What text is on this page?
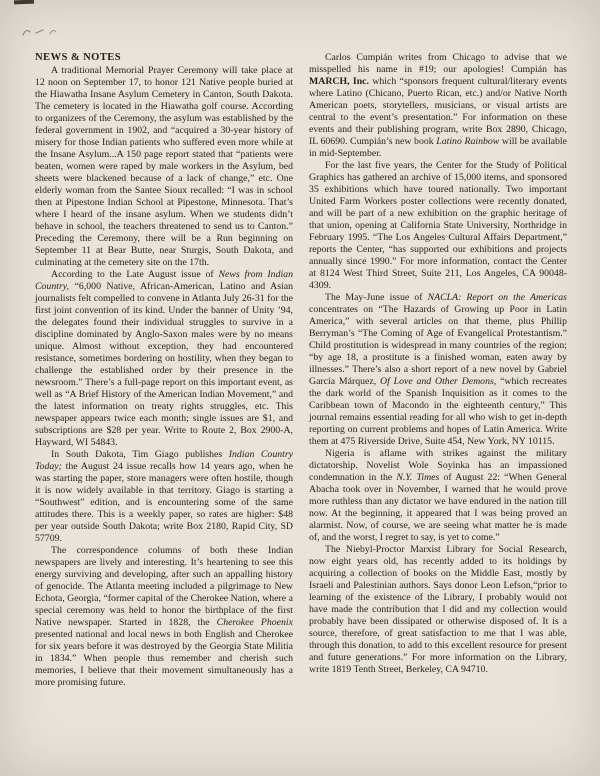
NEWS & NOTES

A traditional Memorial Prayer Ceremony will take place at 12 noon on September 17, to honor 121 Native people buried at the Hiawatha Insane Asylum Cemetery in Canton, South Dakota. The cemetery is located in the Hiawatha golf course. According to organizers of the Ceremony, the asylum was established by the federal government in 1902, and “acquired a 30-year history of misery for those Indian patients who suffered even more while at the Insane Asylum...A 150 page report stated that “patients were beaten, women were raped by male workers in the Asylum, bed sheets were blackened because of a lack of change,” etc. One elderly woman from the Santee Sioux recalled: “I was in school then at Pipestone Indian School at Pipestone, Minnesota. That’s where I heard of the insane asylum. When we students didn’t behave in school, the teachers threatened to send us to Canton.” Preceding the Ceremony, there will be a Run beginning on September 11 at Bear Butte, near Sturgis, South Dakota, and culminating at the cemetery site on the 17th.

According to the Late August issue of News from Indian Country, “6,000 Native, African-American, Latino and Asian journalists felt compelled to convene in Atlanta July 26-31 for the first joint convention of its kind. Under the banner of Unity ’94, the delegates found their individual struggles to survive in a discipline dominated by Anglo-Saxon males were by no means unique. Almost without exception, they had encountered resistance, sometimes bordering on hostility, when they began to challenge the established order by their presence in the newsroom.” There’s a full-page report on this important event, as well as “A Brief History of the American Indian Movement,” and the latest information on treaty rights struggles, etc. This newspaper appears twice each month; single issues are $1, and subscriptions are $28 per year. Write to Route 2, Box 2900-A, Hayward, WI 54843.

In South Dakota, Tim Giago publishes Indian Country Today; the August 24 issue recalls how 14 years ago, when he was starting the paper, store managers were often hostile, though it is now widely available in that territory. Giago is starting a “Southwest” edition, and is encountering some of the same attitudes there. This is a weekly paper, so rates are higher: $48 per year outside South Dakota; write Box 2180, Rapid City, SD 57709.

The correspondence columns of both these Indian newspapers are lively and interesting. It’s heartening to see this energy surviving and developing, after such an appalling history of genocide. The Atlanta meeting included a pilgrimage to New Echota, Georgia, “former capital of the Cherokee Nation, where a special ceremony was held to honor the birthplace of the first Native newspaper. Started in 1828, the Cherokee Phoenix presented national and local news in both English and Cherokee for six years before it was destroyed by the Georgia State Militia in 1834.” When people thus remember and cherish such memories, I believe that their movement simultaneously has a more promising future.

Carlos Cumpián writes from Chicago to advise that we misspelled his name in #19; our apologies! Cumpián has MARCH, Inc. which “sponsors frequent cultural/literary events where Latino (Chicano, Puerto Rican, etc.) and/or Native North American poets, storytellers, musicians, or visual artists are central to the event’s presentation.” For information on these events and their publishing program, write Box 2890, Chicago, IL 60690. Cumpián’s new book Latino Rainbow will be available in mid-September.

For the last five years, the Center for the Study of Political Graphics has gathered an archive of 15,000 items, and sponsored 35 exhibitions which have toured nationally. Two important United Farm Workers poster collections were recently donated, and will be part of a new exhibition on the graphic heritage of that union, opening at California State University, Northridge in February 1995. “The Los Angeles Cultural Affairs Department,” reports the Center, “has supported our exhibitions and projects annually since 1990.” For more information, contact the Center at 8124 West Third Street, Suite 211, Los Angeles, CA 90048-4309.

The May-June issue of NACLA: Report on the Americas concentrates on “The Hazards of Growing up Poor in Latin America,” with several articles on that theme, plus Phillip Berryman’s “The Coming of Age of Evangelical Protestantism.” Child prostitution is widespread in many countries of the region; “by age 18, a prostitute is a finished woman, eaten away by illnesses.” There’s also a short report of a new novel by Gabriel García Márquez, Of Love and Other Demons, “which recreates the dark world of the Spanish Inquisition as it comes to the Caribbean town of Macondo in the eighteenth century,” This journal remains essential reading for all who wish to get in-depth reporting on current problems and hopes of Latin America. Write them at 475 Riverside Drive, Suite 454, New York, NY 10115.

Nigeria is aflame with strikes against the military dictatorship. Novelist Wole Soyinka has an impassioned condemnation in the N.Y. Times of August 22: “When General Abacha took over in November, I warned that he would prove more ruthless than any dictator we have endured in the nation till now. At the beginning, it appeared that I was being proved an alarmist. Now, of course, we are seeing what matter he is made of, and the worst, I regret to say, is yet to come.”

The Niebyl-Proctor Marxist Library for Social Research, now eight years old, has recently added to its holdings by acquiring a collection of books on the Middle East, mostly by Israeli and Palestinian authors. Says donor Leon Lefson,“prior to learning of the existence of the Library, I probably would not have made the contribution that I did and my collection would probably have been dissipated or otherwise disposed of. It is a source, therefore, of great satisfaction to me that I was able, through this donation, to add to this excellent resource for present and future generations.” For more information on the Library, write 1819 Tenth Street, Berkeley, CA 94710.
